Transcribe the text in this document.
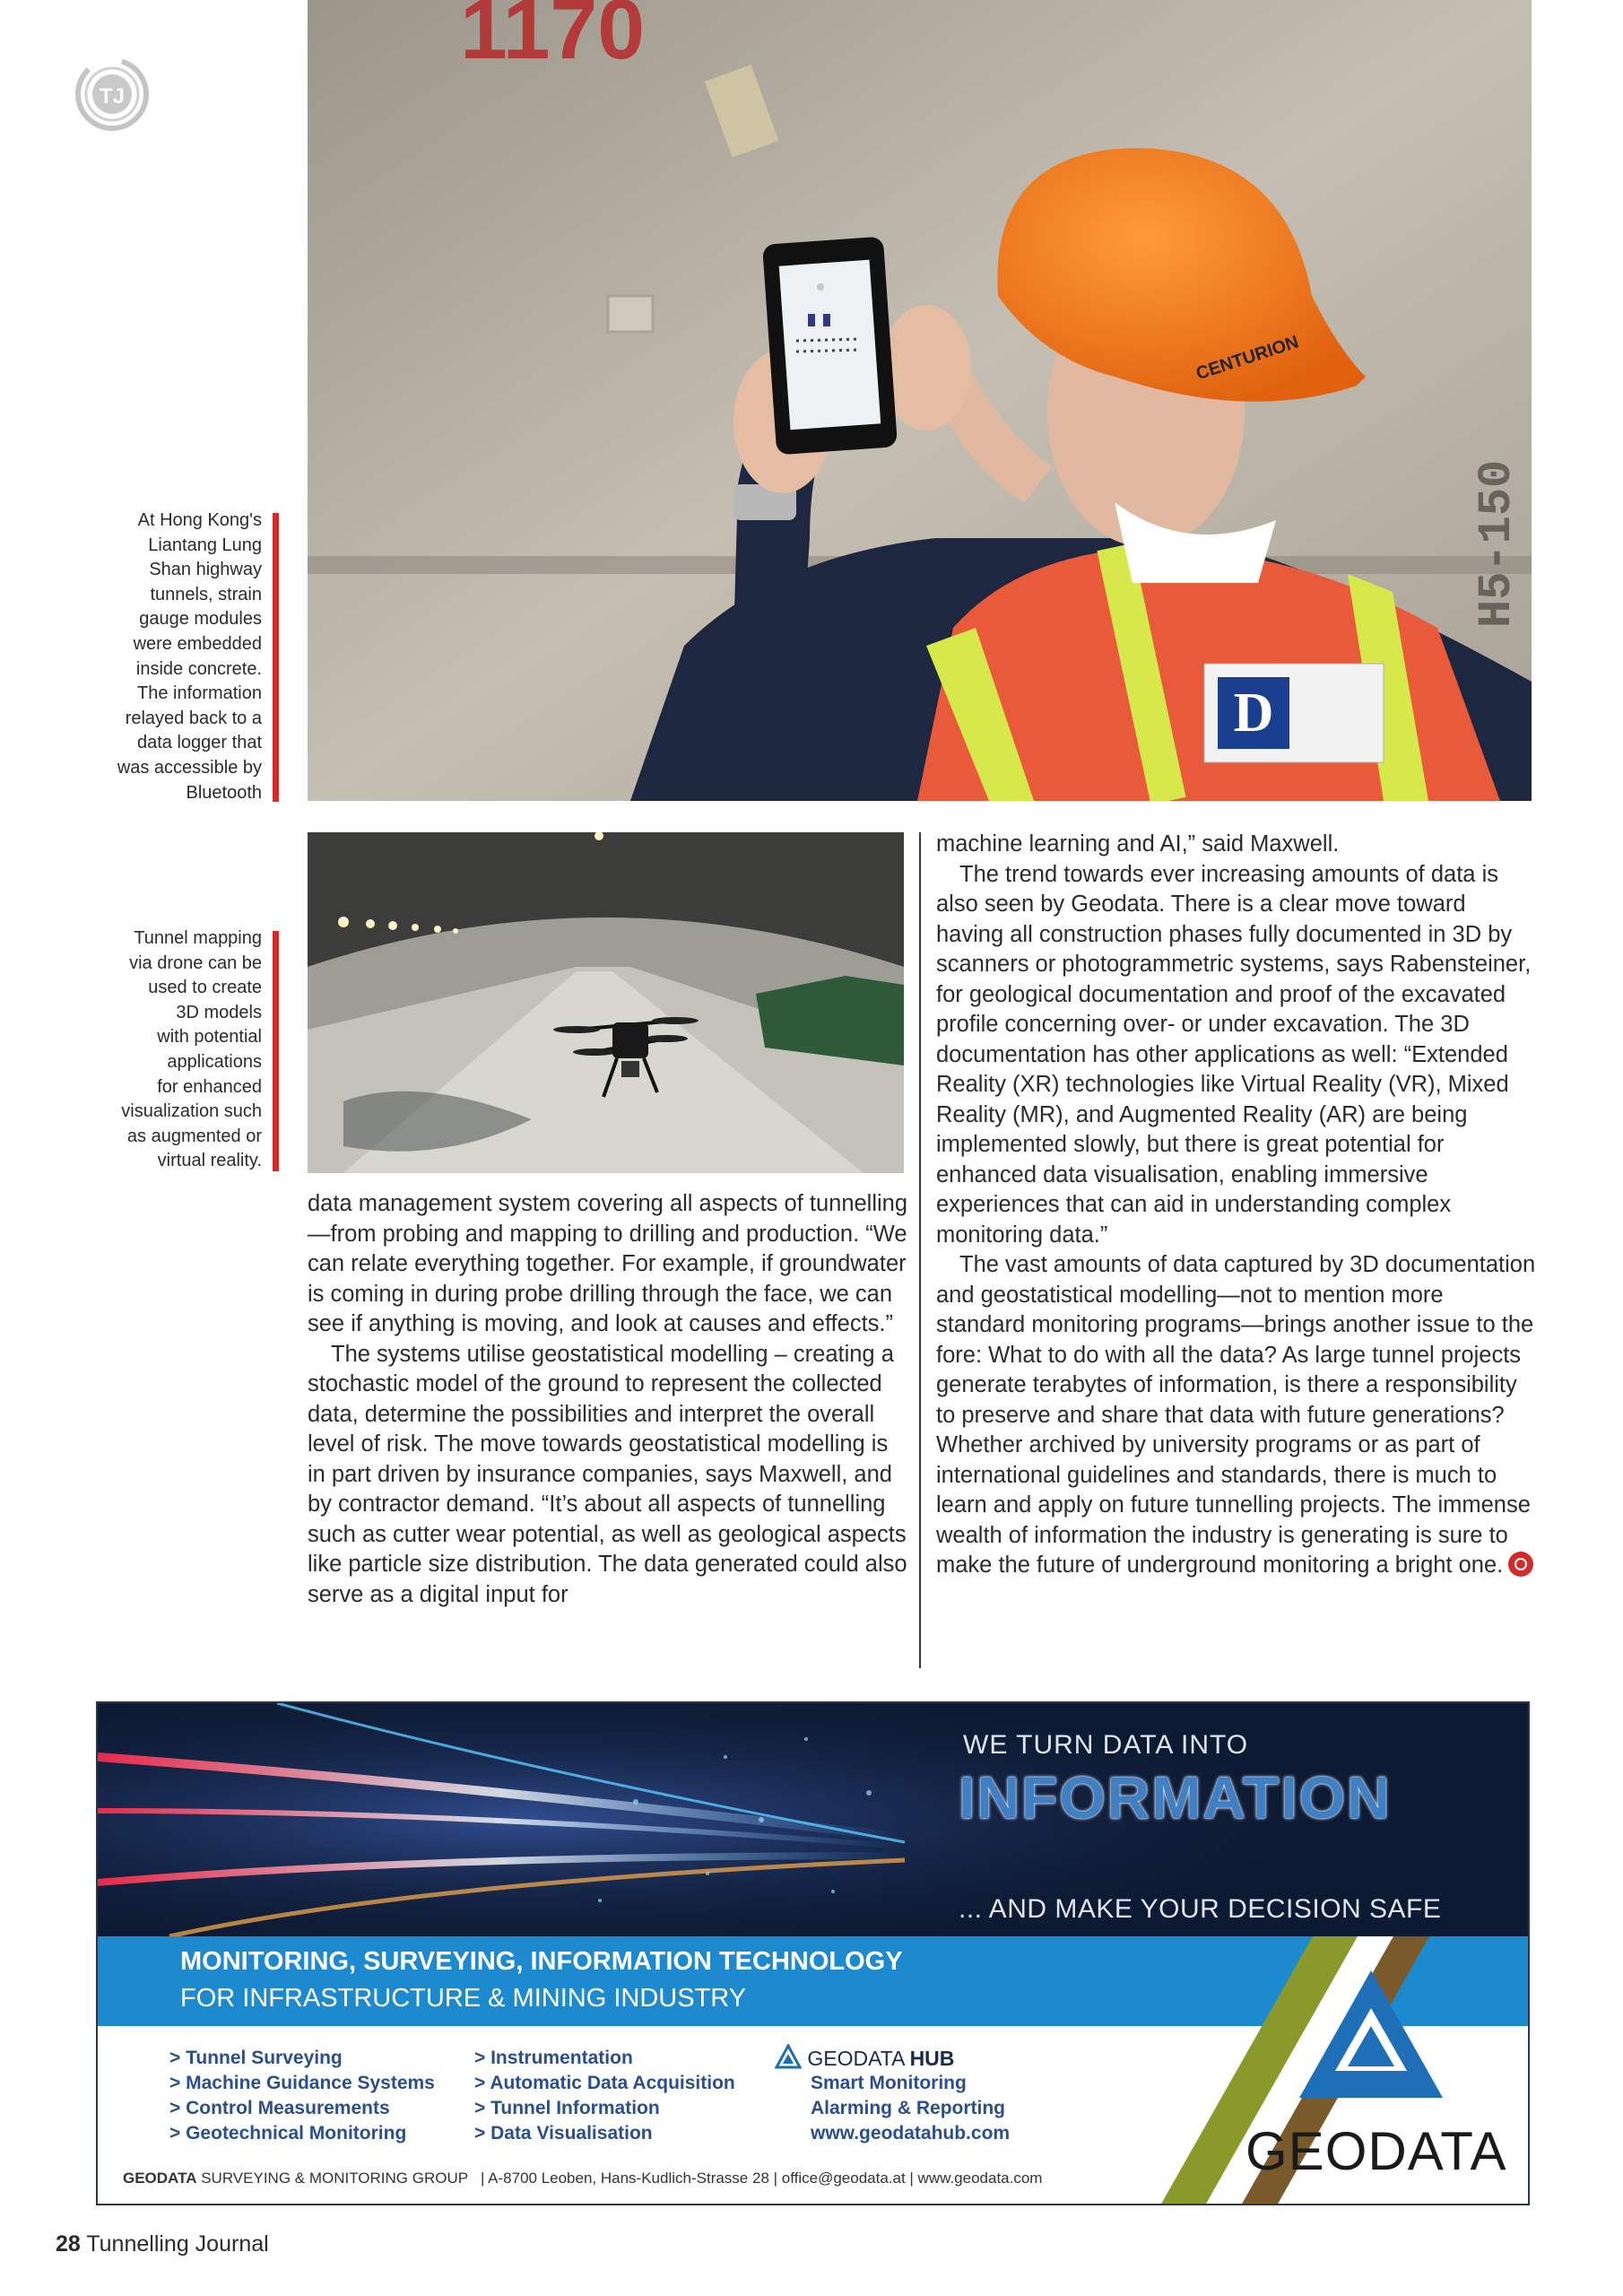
TJ
1170
H5-150
D
CENTURION
At Hong Kong's
Liantang Lung
Shan highway
tunnels, strain
gauge modules
were embedded
inside concrete.
The information
relayed back to a
data logger that
was accessible by
Bluetooth
Tunnel mapping
via drone can be
used to create
3D models
with potential
applications
for enhanced
visualization such
as augmented or
virtual reality.

data management system covering all aspects of tunnelling—from probing and mapping to drilling and production. “We can relate everything together. For example, if groundwater is coming in during probe drilling through the face, we can see if anything is moving, and look at causes and effects.”

The systems utilise geostatistical modelling – creating a stochastic model of the ground to represent the collected data, determine the possibilities and interpret the overall level of risk. The move towards geostatistical modelling is in part driven by insurance companies, says Maxwell, and by contractor demand. “It’s about all aspects of tunnelling such as cutter wear potential, as well as geological aspects like particle size distribution. The data generated could also serve as a digital input for

machine learning and AI,” said Maxwell.

The trend towards ever increasing amounts of data is also seen by Geodata. There is a clear move toward having all construction phases fully documented in 3D by scanners or photogrammetric systems, says Rabensteiner, for geological documentation and proof of the excavated profile concerning over- or under excavation. The 3D documentation has other applications as well: “Extended Reality (XR) technologies like Virtual Reality (VR), Mixed Reality (MR), and Augmented Reality (AR) are being implemented slowly, but there is great potential for enhanced data visualisation, enabling immersive experiences that can aid in understanding complex monitoring data.”

The vast amounts of data captured by 3D documentation and geostatistical modelling—not to mention more standard monitoring programs—brings another issue to the fore: What to do with all the data? As large tunnel projects generate terabytes of information, is there a responsibility to preserve and share that data with future generations? Whether archived by university programs or as part of international guidelines and standards, there is much to learn and apply on future tunnelling projects. The immense wealth of information the industry is generating is sure to make the future of underground monitoring a bright one.

WE TURN DATA INTO
INFORMATION
... AND MAKE YOUR DECISION SAFE
MONITORING, SURVEYING, INFORMATION TECHNOLOGY
FOR INFRASTRUCTURE & MINING INDUSTRY
GEODATA
> Tunnel Surveying
> Machine Guidance Systems
> Control Measurements
> Geotechnical Monitoring
> Instrumentation
> Automatic Data Acquisition
> Tunnel Information
> Data Visualisation
GEODATA HUB
Smart Monitoring
Alarming & Reporting
www.geodatahub.com
GEODATA SURVEYING & MONITORING GROUP | A-8700 Leoben, Hans-Kudlich-Strasse 28 | office@geodata.at | www.geodata.com
28 Tunnelling Journal
